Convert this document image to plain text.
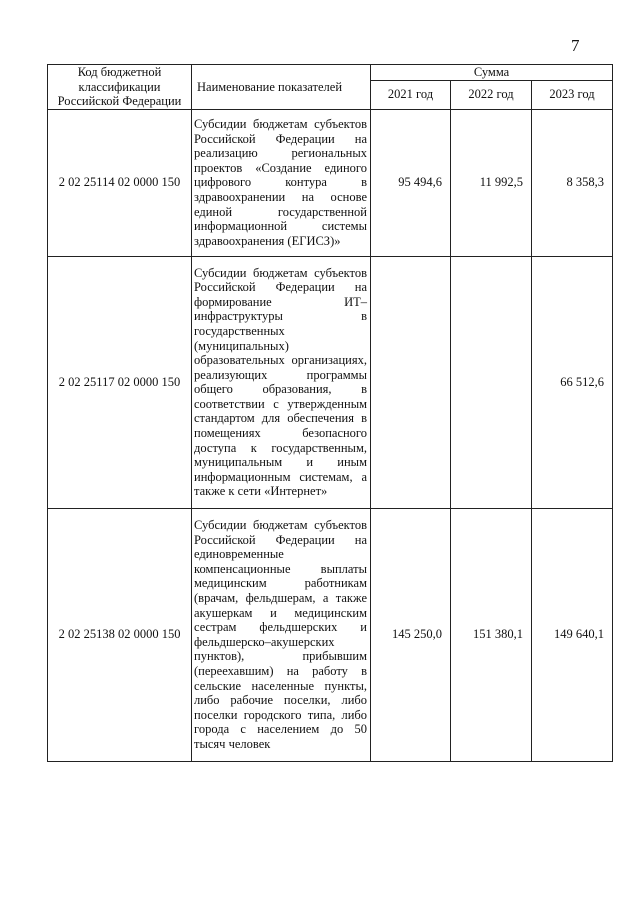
7
Код бюджетной классификации Российской Федерации	Наименование показателей	Сумма		
		2021 год	2022 год	2023 год
2 02 25114 02 0000 150	Субсидии бюджетам субъектов Российской Федерации на реализацию региональных проектов «Создание единого цифрового контура в здравоохранении на основе единой государственной информационной системы здравоохранения (ЕГИСЗ)»	95 494,6	11 992,5	8 358,3
2 02 25117 02 0000 150	Субсидии бюджетам субъектов Российской Федерации на формирование ИТ–инфраструктуры в государственных (муниципальных) образовательных организациях, реализующих программы общего образования, в соответствии с утвержденным стандартом для обеспечения в помещениях безопасного доступа к государственным, муниципальным и иным информационным системам, а также к сети «Интернет»			66 512,6
2 02 25138 02 0000 150	Субсидии бюджетам субъектов Российской Федерации на единовременные компенсационные выплаты медицинским работникам (врачам, фельдшерам, а также акушеркам и медицинским сестрам фельдшерских и фельдшерско–акушерских пунктов), прибывшим (переехавшим) на работу в сельские населенные пункты, либо рабочие поселки, либо поселки городского типа, либо города с населением до 50 тысяч человек	145 250,0	151 380,1	149 640,1
